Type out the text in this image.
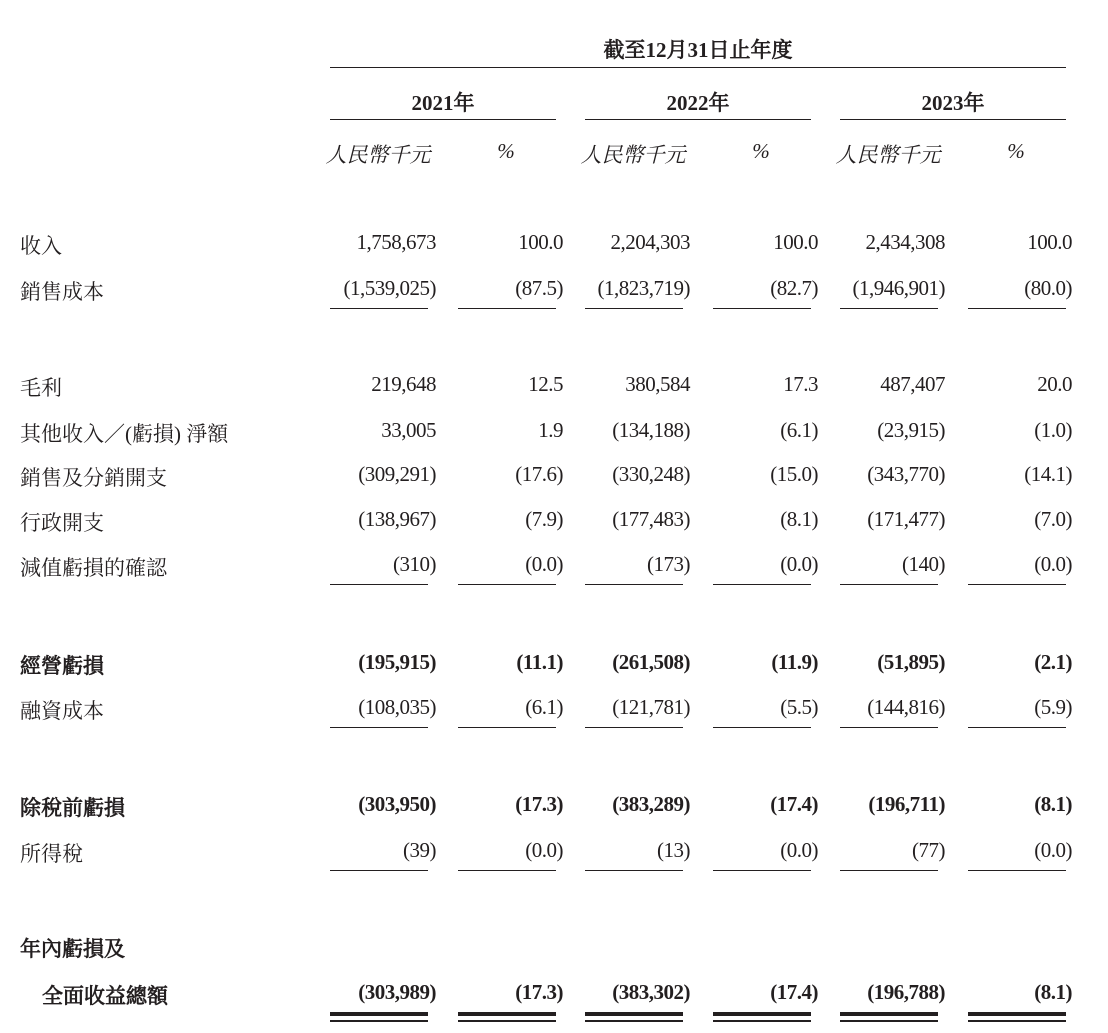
截至12月31日止年度
2021年	2022年	2023年
人民幣千元	%	人民幣千元	%	人民幣千元	%
收入	1,758,673	100.0	2,204,303	100.0	2,434,308	100.0
銷售成本	(1,539,025)	(87.5)	(1,823,719)	(82.7)	(1,946,901)	(80.0)
毛利	219,648	12.5	380,584	17.3	487,407	20.0
其他收入／(虧損) 淨額	33,005	1.9	(134,188)	(6.1)	(23,915)	(1.0)
銷售及分銷開支	(309,291)	(17.6)	(330,248)	(15.0)	(343,770)	(14.1)
行政開支	(138,967)	(7.9)	(177,483)	(8.1)	(171,477)	(7.0)
減值虧損的確認	(310)	(0.0)	(173)	(0.0)	(140)	(0.0)
經營虧損	(195,915)	(11.1)	(261,508)	(11.9)	(51,895)	(2.1)
融資成本	(108,035)	(6.1)	(121,781)	(5.5)	(144,816)	(5.9)
除稅前虧損	(303,950)	(17.3)	(383,289)	(17.4)	(196,711)	(8.1)
所得稅	(39)	(0.0)	(13)	(0.0)	(77)	(0.0)
年內虧損及
全面收益總額	(303,989)	(17.3)	(383,302)	(17.4)	(196,788)	(8.1)
